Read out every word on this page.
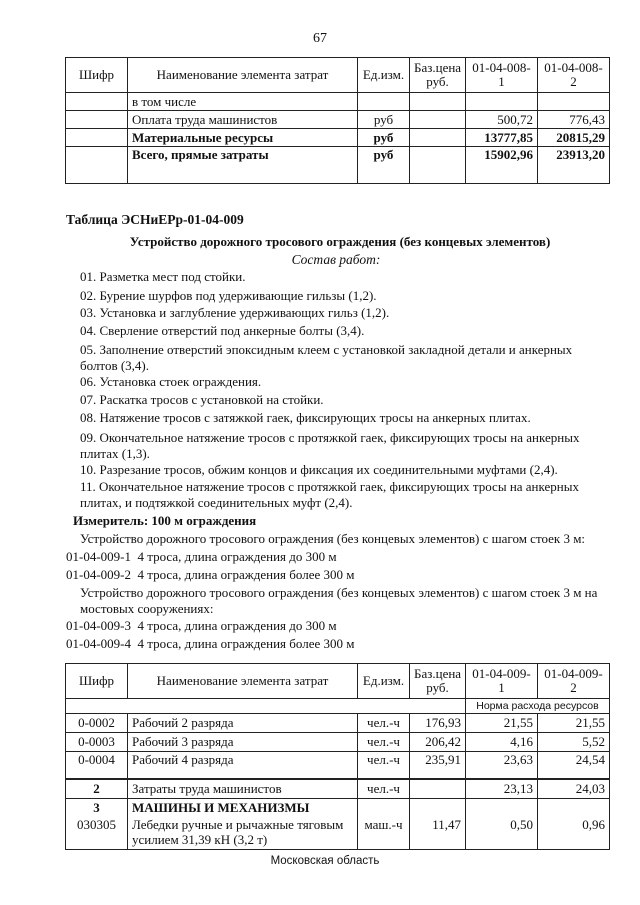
67
Шифр	Наименование элемента затрат	Ед.изм.	Баз.цена руб.	01-04-008-1	01-04-008-2
	в том числе				
	Оплата труда машинистов	руб		500,72	776,43
	Материальные ресурсы	руб		13777,85	20815,29
	Всего, прямые затраты	руб		15902,96	23913,20
Таблица ЭСНиЕРр-01-04-009
Устройство дорожного тросового ограждения (без концевых элементов)
Состав работ:
01. Разметка мест под стойки.
02. Бурение шурфов под удерживающие гильзы (1,2).
03. Установка и заглубление удерживающих гильз (1,2).
04. Сверление отверстий под анкерные болты (3,4).
05. Заполнение отверстий эпоксидным клеем с установкой закладной детали и анкерных болтов (3,4).
06. Установка стоек ограждения.
07. Раскатка тросов с установкой на стойки.
08. Натяжение тросов с затяжкой гаек, фиксирующих тросы на анкерных плитах.
09. Окончательное натяжение тросов с протяжкой гаек, фиксирующих тросы на анкерных плитах (1,3).
10. Разрезание тросов, обжим концов и фиксация их соединительными муфтами (2,4).
11. Окончательное натяжение тросов с протяжкой гаек, фиксирующих тросы на анкерных плитах, и подтяжкой соединительных муфт (2,4).
Измеритель: 100 м ограждения
Устройство дорожного тросового ограждения (без концевых элементов) с шагом стоек 3 м:
01-04-009-1 4 троса, длина ограждения до 300 м
01-04-009-2 4 троса, длина ограждения более 300 м
Устройство дорожного тросового ограждения (без концевых элементов) с шагом стоек 3 м на мостовых сооружениях:
01-04-009-3 4 троса, длина ограждения до 300 м
01-04-009-4 4 троса, длина ограждения более 300 м
Шифр	Наименование элемента затрат	Ед.изм.	Баз.цена руб.	01-04-009-1	01-04-009-2
				Норма расхода ресурсов	
0-0002	Рабочий 2 разряда	чел.-ч	176,93	21,55	21,55
0-0003	Рабочий 3 разряда	чел.-ч	206,42	4,16	5,52
0-0004	Рабочий 4 разряда	чел.-ч	235,91	23,63	24,54
2	Затраты труда машинистов	чел.-ч		23,13	24,03
3	МАШИНЫ И МЕХАНИЗМЫ				
030305	Лебедки ручные и рычажные тяговым усилием 31,39 кН (3,2 т)	маш.-ч	11,47	0,50	0,96
Московская область
